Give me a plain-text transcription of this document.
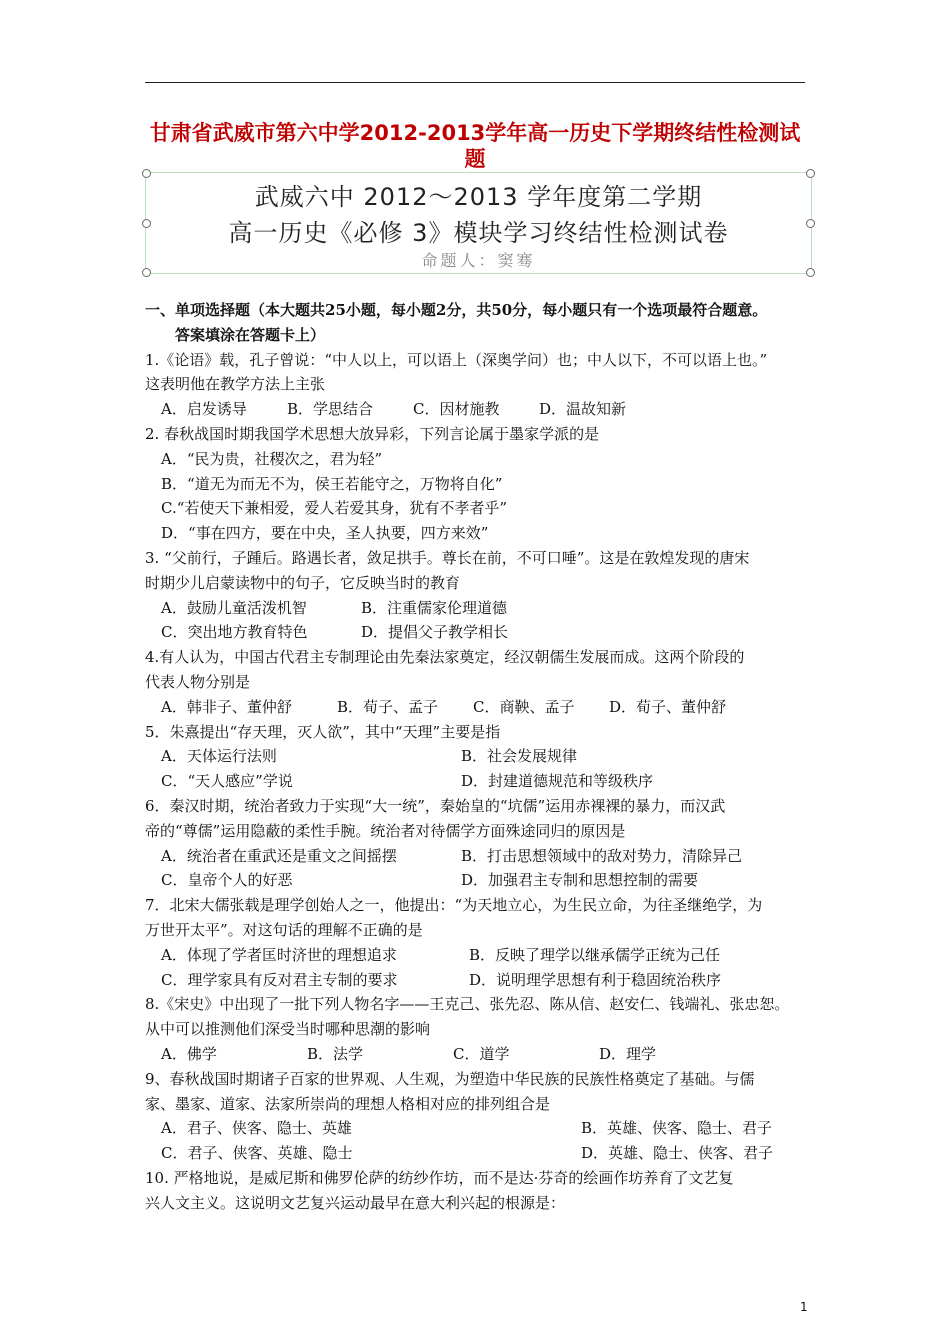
甘肃省武威市第六中学2012-2013学年高一历史下学期终结性检测试题
武威六中 2012～2013 学年度第二学期
高一历史《必修 3》模块学习终结性检测试卷
命题人：窦骞
一、单项选择题（本大题共25小题，每小题2分，共50分，每小题只有一个选项最符合题意。
答案填涂在答题卡上）
1.《论语》载，孔子曾说：“中人以上，可以语上（深奥学问）也；中人以下，不可以语上也。”
这表明他在教学方法上主张
A．启发诱导	B．学思结合	C．因材施教	D．温故知新
2. 春秋战国时期我国学术思想大放异彩，下列言论属于墨家学派的是
A．“民为贵，社稷次之，君为轻”
B．“道无为而无不为，侯王若能守之，万物将自化”
C.“若使天下兼相爱，爱人若爱其身，犹有不孝者乎”
D．“事在四方，要在中央，圣人执要，四方来效”
3. “父前行，子踵后。路遇长者，敛足拱手。尊长在前，不可口唾”。这是在敦煌发现的唐宋
时期少儿启蒙读物中的句子，它反映当时的教育
A．鼓励儿童活泼机智	B．注重儒家伦理道德
C．突出地方教育特色	D．提倡父子教学相长
4.有人认为，中国古代君主专制理论由先秦法家奠定，经汉朝儒生发展而成。这两个阶段的
代表人物分别是
A．韩非子、董仲舒	B．荀子、孟子	C．商鞅、孟子	D．荀子、董仲舒
5．朱熹提出“存天理，灭人欲”，其中“天理”主要是指
A．天体运行法则	B．社会发展规律
C．“天人感应”学说	D．封建道德规范和等级秩序
6．秦汉时期，统治者致力于实现“大一统”，秦始皇的“坑儒”运用赤裸裸的暴力，而汉武
帝的“尊儒”运用隐蔽的柔性手腕。统治者对待儒学方面殊途同归的原因是
A．统治者在重武还是重文之间摇摆	B．打击思想领域中的敌对势力，清除异己
C．皇帝个人的好恶	D．加强君主专制和思想控制的需要
7．北宋大儒张载是理学创始人之一，他提出：“为天地立心，为生民立命，为往圣继绝学，为
万世开太平”。对这句话的理解不正确的是
A．体现了学者匡时济世的理想追求	B．反映了理学以继承儒学正统为己任
C．理学家具有反对君主专制的要求	D．说明理学思想有利于稳固统治秩序
8.《宋史》中出现了一批下列人物名字——王克己、张先忍、陈从信、赵安仁、钱端礼、张忠恕。
从中可以推测他们深受当时哪种思潮的影响
A．佛学	B．法学	C．道学	D．理学
9、春秋战国时期诸子百家的世界观、人生观，为塑造中华民族的民族性格奠定了基础。与儒
家、墨家、道家、法家所崇尚的理想人格相对应的排列组合是
A．君子、侠客、隐士、英雄	B．英雄、侠客、隐士、君子
C．君子、侠客、英雄、隐士	D．英雄、隐士、侠客、君子
10. 严格地说，是威尼斯和佛罗伦萨的纺纱作坊，而不是达·芬奇的绘画作坊养育了文艺复
兴人文主义。这说明文艺复兴运动最早在意大利兴起的根源是：
1
